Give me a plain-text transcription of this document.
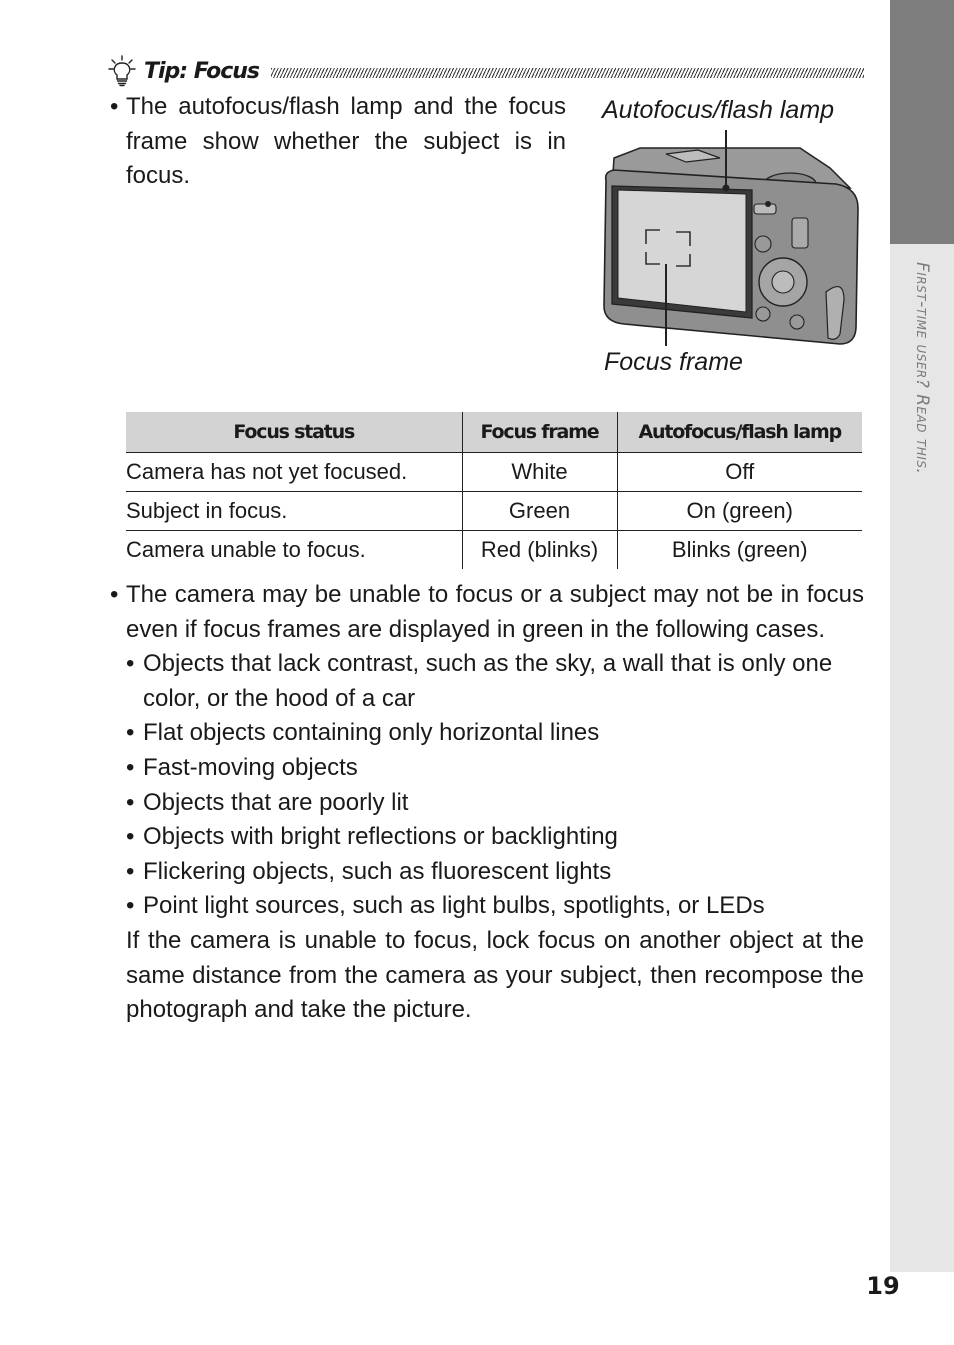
First-time user? Read this.
Tip: Focus
• The autofocus/flash lamp and the focus frame show whether the subject is in focus.
Autofocus/flash lamp
Focus frame
Focus status	Focus frame	Autofocus/flash lamp
Camera has not yet focused.	White	Off
Subject in focus.	Green	On (green)
Camera unable to focus.	Red (blinks)	Blinks (green)
• The camera may be unable to focus or a subject may not be in focus even if focus frames are displayed in green in the following cases.
• Objects that lack contrast, such as the sky, a wall that is only one color, or the hood of a car
• Flat objects containing only horizontal lines
• Fast-moving objects
• Objects that are poorly lit
• Objects with bright reflections or backlighting
• Flickering objects, such as fluorescent lights
• Point light sources, such as light bulbs, spotlights, or LEDs
If the camera is unable to focus, lock focus on another object at the same distance from the camera as your subject, then recompose the photograph and take the picture.
19
